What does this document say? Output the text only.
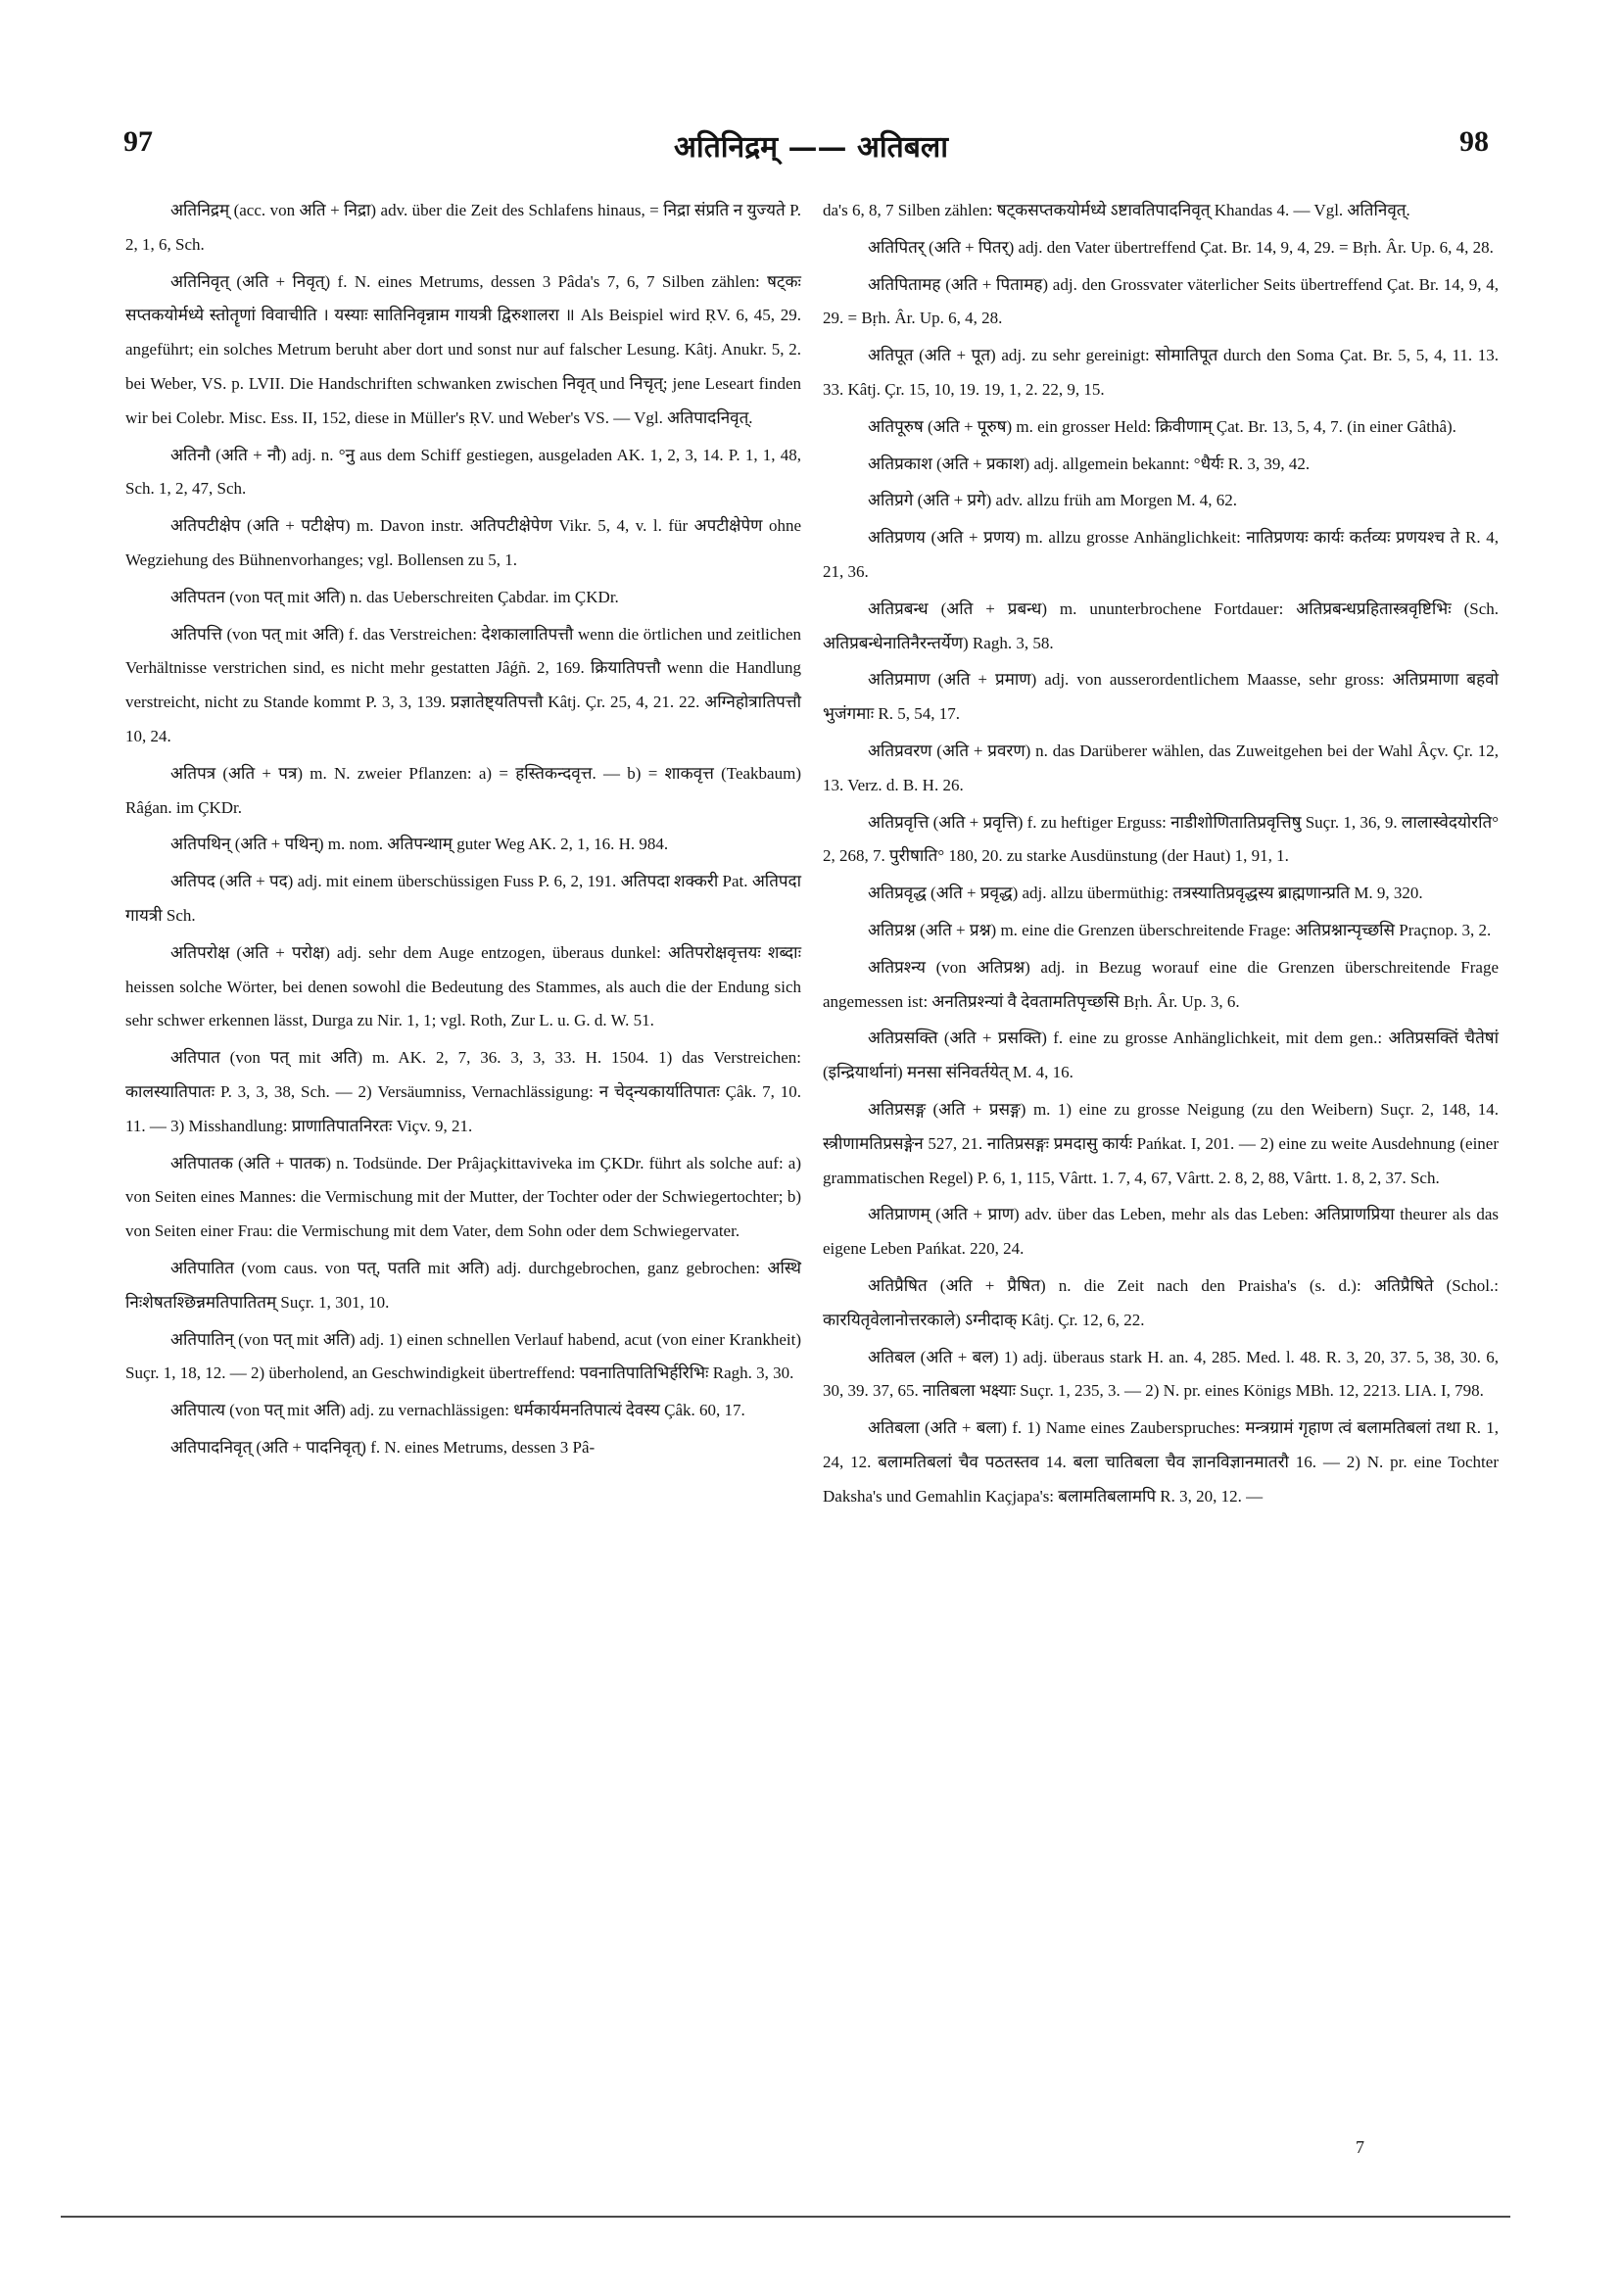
97	अतिनिद्रम् —— अतिबला	98

अतिनिद्रम् (acc. von अति + निद्रा) adv. über die Zeit des Schlafens hinaus, = निद्रा संप्रति न युज्यते P. 2, 1, 6, Sch.

अतिनिवृत् (अति + निवृत्) f. N. eines Metrums, dessen 3 Pâda's 7, 6, 7 Silben zählen: षट्कः सप्तकयोर्मध्ये स्तोतॄणां विवाचीति । यस्याः सातिनिवृन्नाम गायत्री द्विरुशालरा ॥ Als Beispiel wird ṚV. 6, 45, 29. angeführt; ein solches Metrum beruht aber dort und sonst nur auf falscher Lesung. Kâtj. Anukr. 5, 2. bei Weber, VS. p. LVII. Die Handschriften schwanken zwischen निवृत् und निचृत्; jene Leseart finden wir bei Colebr. Misc. Ess. II, 152, diese in Müller's ṚV. und Weber's VS. — Vgl. अतिपादनिवृत्.

अतिनौ (अति + नौ) adj. n. °नु aus dem Schiff gestiegen, ausgeladen AK. 1, 2, 3, 14. P. 1, 1, 48, Sch. 1, 2, 47, Sch.

अतिपटीक्षेप (अति + पटीक्षेप) m. Davon instr. अतिपटीक्षेपेण Vikr. 5, 4, v. l. für अपटीक्षेपेण ohne Wegziehung des Bühnenvorhanges; vgl. Bollensen zu 5, 1.

अतिपतन (von पत् mit अति) n. das Ueberschreiten Çabdar. im ÇKDr.

अतिपत्ति (von पत् mit अति) f. das Verstreichen: देशकालातिपत्तौ wenn die örtlichen und zeitlichen Verhältnisse verstrichen sind, es nicht mehr gestatten Jâǵñ. 2, 169. क्रियातिपत्तौ wenn die Handlung verstreicht, nicht zu Stande kommt P. 3, 3, 139. प्रज्ञातेष्ट्यतिपत्तौ Kâtj. Çr. 25, 4, 21. 22. अग्निहोत्रातिपत्तौ 10, 24.

अतिपत्र (अति + पत्र) m. N. zweier Pflanzen: a) = हस्तिकन्दवृत्त. — b) = शाकवृत्त (Teakbaum) Râǵan. im ÇKDr.

अतिपथिन् (अति + पथिन्) m. nom. अतिपन्थाम् guter Weg AK. 2, 1, 16. H. 984.

अतिपद (अति + पद) adj. mit einem überschüssigen Fuss P. 6, 2, 191. अतिपदा शक्करी Pat. अतिपदा गायत्री Sch.

अतिपरोक्ष (अति + परोक्ष) adj. sehr dem Auge entzogen, überaus dunkel: अतिपरोक्षवृत्तयः शब्दाः heissen solche Wörter, bei denen sowohl die Bedeutung des Stammes, als auch die der Endung sich sehr schwer erkennen lässt, Durga zu Nir. 1, 1; vgl. Roth, Zur L. u. G. d. W. 51.

अतिपात (von पत् mit अति) m. AK. 2, 7, 36. 3, 3, 33. H. 1504. 1) das Verstreichen: कालस्यातिपातः P. 3, 3, 38, Sch. — 2) Versäumniss, Vernachlässigung: न चेद्न्यकार्यातिपातः Çâk. 7, 10. 11. — 3) Misshandlung: प्राणातिपातनिरतः Viçv. 9, 21.

अतिपातक (अति + पातक) n. Todsünde. Der Prâjaçkittaviveka im ÇKDr. führt als solche auf: a) von Seiten eines Mannes: die Vermischung mit der Mutter, der Tochter oder der Schwiegertochter; b) von Seiten einer Frau: die Vermischung mit dem Vater, dem Sohn oder dem Schwiegervater.

अतिपातित (vom caus. von पत्, पतति mit अति) adj. durchgebrochen, ganz gebrochen: अस्थि निःशेषतश्छिन्नमतिपातितम् Suçr. 1, 301, 10.

अतिपातिन् (von पत् mit अति) adj. 1) einen schnellen Verlauf habend, acut (von einer Krankheit) Suçr. 1, 18, 12. — 2) überholend, an Geschwindigkeit übertreffend: पवनातिपातिभिर्हरिभिः Ragh. 3, 30.

अतिपात्य (von पत् mit अति) adj. zu vernachlässigen: धर्मकार्यमनतिपात्यं देवस्य Çâk. 60, 17.

अतिपादनिवृत् (अति + पादनिवृत्) f. N. eines Metrums, dessen 3 Pâ-

da's 6, 8, 7 Silben zählen: षट्कसप्तकयोर्मध्ये ऽष्टावतिपादनिवृत् Khandas 4. — Vgl. अतिनिवृत्.

अतिपितर् (अति + पितर्) adj. den Vater übertreffend Çat. Br. 14, 9, 4, 29. = Bṛh. Âr. Up. 6, 4, 28.

अतिपितामह (अति + पितामह) adj. den Grossvater väterlicher Seits übertreffend Çat. Br. 14, 9, 4, 29. = Bṛh. Âr. Up. 6, 4, 28.

अतिपूत (अति + पूत) adj. zu sehr gereinigt: सोमातिपूत durch den Soma Çat. Br. 5, 5, 4, 11. 13. 33. Kâtj. Çr. 15, 10, 19. 19, 1, 2. 22, 9, 15.

अतिपूरुष (अति + पूरुष) m. ein grosser Held: क्रिवीणाम् Çat. Br. 13, 5, 4, 7. (in einer Gâthâ).

अतिप्रकाश (अति + प्रकाश) adj. allgemein bekannt: °धैर्यः R. 3, 39, 42.

अतिप्रगे (अति + प्रगे) adv. allzu früh am Morgen M. 4, 62.

अतिप्रणय (अति + प्रणय) m. allzu grosse Anhänglichkeit: नातिप्रणयः कार्यः कर्तव्यः प्रणयश्च ते R. 4, 21, 36.

अतिप्रबन्ध (अति + प्रबन्ध) m. ununterbrochene Fortdauer: अतिप्रबन्धप्रहितास्त्रवृष्टिभिः (Sch. अतिप्रबन्धेनातिनैरन्तर्येण) Ragh. 3, 58.

अतिप्रमाण (अति + प्रमाण) adj. von ausserordentlichem Maasse, sehr gross: अतिप्रमाणा बहवो भुजंगमाः R. 5, 54, 17.

अतिप्रवरण (अति + प्रवरण) n. das Darüberer wählen, das Zuweitgehen bei der Wahl Âçv. Çr. 12, 13. Verz. d. B. H. 26.

अतिप्रवृत्ति (अति + प्रवृत्ति) f. zu heftiger Erguss: नाडीशोणितातिप्रवृत्तिषु Suçr. 1, 36, 9. लालास्वेदयोरति° 2, 268, 7. पुरीषाति° 180, 20. zu starke Ausdünstung (der Haut) 1, 91, 1.

अतिप्रवृद्ध (अति + प्रवृद्ध) adj. allzu übermüthig: तत्रस्यातिप्रवृद्धस्य ब्राह्मणान्प्रति M. 9, 320.

अतिप्रश्न (अति + प्रश्न) m. eine die Grenzen überschreitende Frage: अतिप्रश्नान्पृच्छसि Praçnop. 3, 2.

अतिप्रश्न्य (von अतिप्रश्न) adj. in Bezug worauf eine die Grenzen überschreitende Frage angemessen ist: अनतिप्रश्न्यां वै देवतामतिपृच्छसि Bṛh. Âr. Up. 3, 6.

अतिप्रसक्ति (अति + प्रसक्ति) f. eine zu grosse Anhänglichkeit, mit dem gen.: अतिप्रसक्तिं चैतेषां (इन्द्रियार्थानां) मनसा संनिवर्तयेत् M. 4, 16.

अतिप्रसङ्ग (अति + प्रसङ्ग) m. 1) eine zu grosse Neigung (zu den Weibern) Suçr. 2, 148, 14. स्त्रीणामतिप्रसङ्गेन 527, 21. नातिप्रसङ्गः प्रमदासु कार्यः Pańkat. I, 201. — 2) eine zu weite Ausdehnung (einer grammatischen Regel) P. 6, 1, 115, Vârtt. 1. 7, 4, 67, Vârtt. 2. 8, 2, 88, Vârtt. 1. 8, 2, 37. Sch.

अतिप्राणम् (अति + प्राण) adv. über das Leben, mehr als das Leben: अतिप्राणप्रिया theurer als das eigene Leben Pańkat. 220, 24.

अतिप्रैषित (अति + प्रैषित) n. die Zeit nach den Praisha's (s. d.): अतिप्रैषिते (Schol.: कारयितृवेलानोत्तरकाले) ऽग्नीदाक् Kâtj. Çr. 12, 6, 22.

अतिबल (अति + बल) 1) adj. überaus stark H. an. 4, 285. Med. l. 48. R. 3, 20, 37. 5, 38, 30. 6, 30, 39. 37, 65. नातिबला भक्ष्याः Suçr. 1, 235, 3. — 2) N. pr. eines Königs MBh. 12, 2213. LIA. I, 798.

अतिबला (अति + बला) f. 1) Name eines Zauberspruches: मन्त्रग्रामं गृहाण त्वं बलामतिबलां तथा R. 1, 24, 12. बलामतिबलां चैव पठतस्तव 14. बला चातिबला चैव ज्ञानविज्ञानमातरौ 16. — 2) N. pr. eine Tochter Daksha's und Gemahlin Kaçjapa's: बलामतिबलामपि R. 3, 20, 12. —

7
